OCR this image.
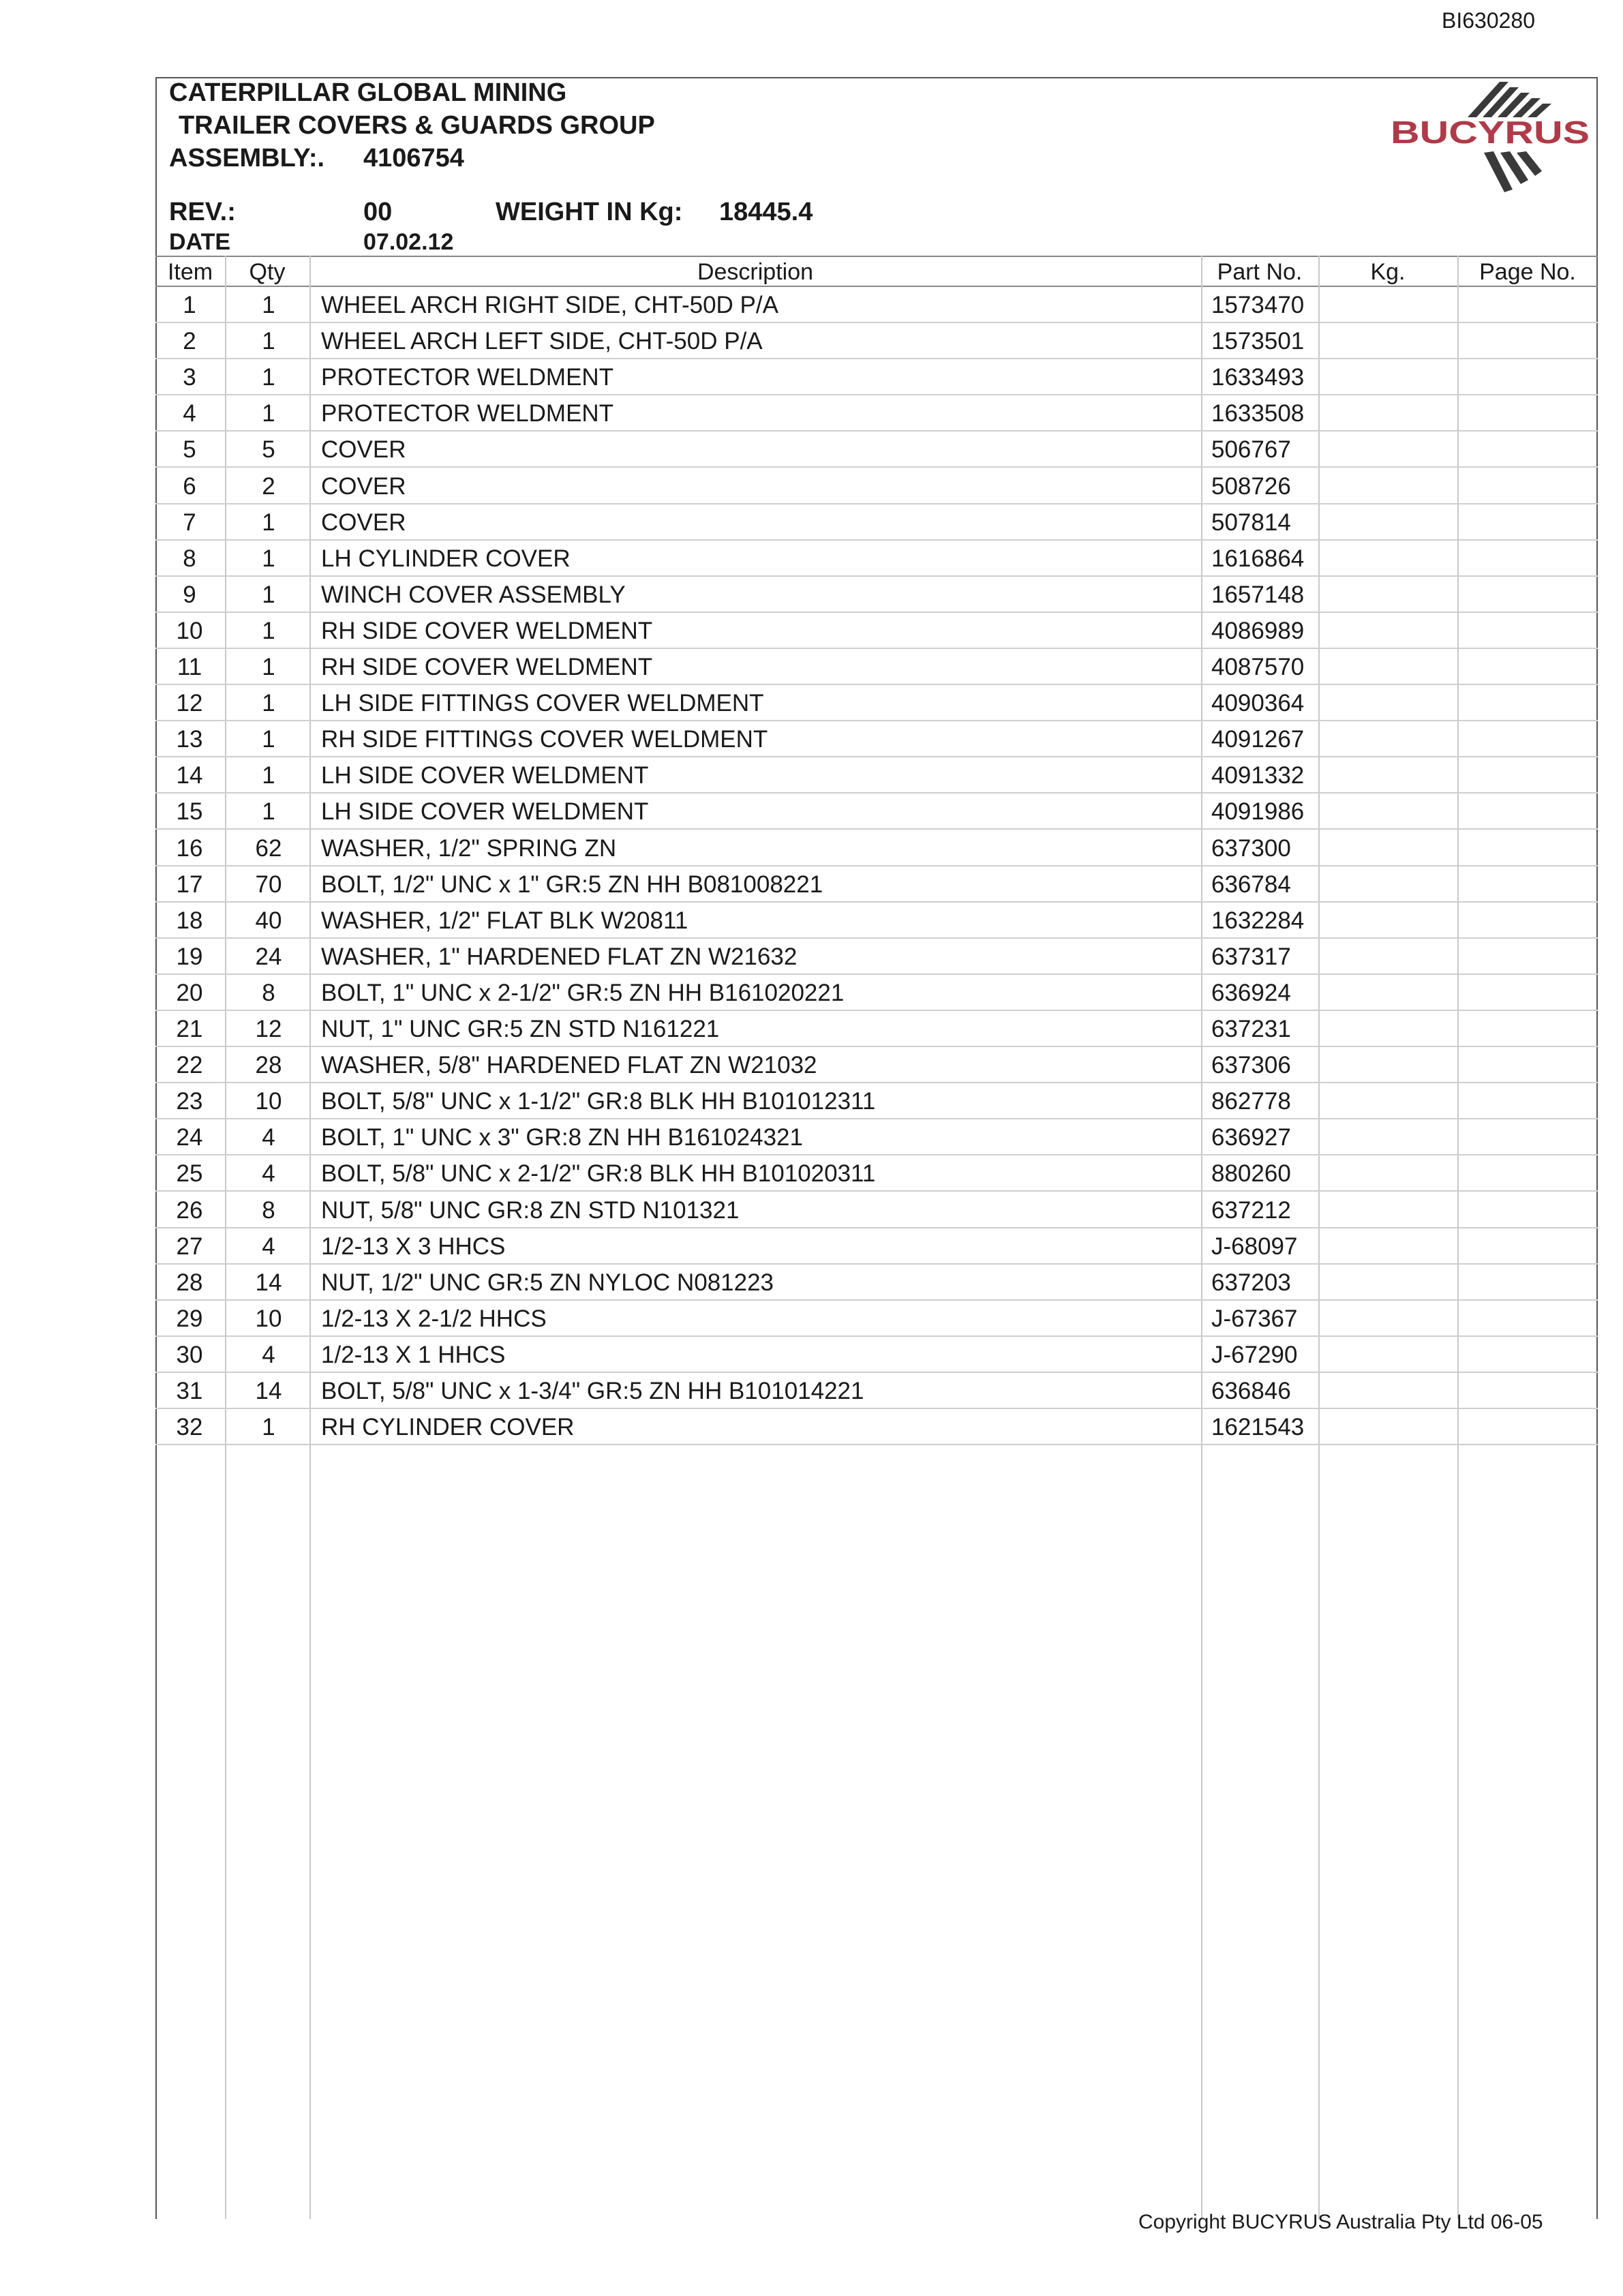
BI630280
CATERPILLAR GLOBAL MINING
TRAILER COVERS & GUARDS GROUP
ASSEMBLY:. 4106754
REV.:	00	WEIGHT IN Kg: 18445.4
DATE	07.02.12
BUCYRUS
Item	Qty	Description	Part No.	Kg.	Page No.
1	1	WHEEL ARCH RIGHT SIDE, CHT-50D P/A	1573470
2	1	WHEEL ARCH LEFT SIDE, CHT-50D P/A	1573501
3	1	PROTECTOR WELDMENT	1633493
4	1	PROTECTOR WELDMENT	1633508
5	5	COVER	506767
6	2	COVER	508726
7	1	COVER	507814
8	1	LH CYLINDER COVER	1616864
9	1	WINCH COVER ASSEMBLY	1657148
10	1	RH SIDE COVER WELDMENT	4086989
11	1	RH SIDE COVER WELDMENT	4087570
12	1	LH SIDE FITTINGS COVER WELDMENT	4090364
13	1	RH SIDE FITTINGS COVER WELDMENT	4091267
14	1	LH SIDE COVER WELDMENT	4091332
15	1	LH SIDE COVER WELDMENT	4091986
16	62	WASHER, 1/2" SPRING ZN	637300
17	70	BOLT, 1/2" UNC x 1" GR:5 ZN HH B081008221	636784
18	40	WASHER, 1/2" FLAT BLK W20811	1632284
19	24	WASHER, 1" HARDENED FLAT ZN W21632	637317
20	8	BOLT, 1" UNC x 2-1/2" GR:5 ZN HH B161020221	636924
21	12	NUT, 1" UNC GR:5 ZN STD N161221	637231
22	28	WASHER, 5/8" HARDENED FLAT ZN W21032	637306
23	10	BOLT, 5/8" UNC x 1-1/2" GR:8 BLK HH B101012311	862778
24	4	BOLT, 1" UNC x 3" GR:8 ZN HH B161024321	636927
25	4	BOLT, 5/8" UNC x 2-1/2" GR:8 BLK HH B101020311	880260
26	8	NUT, 5/8" UNC GR:8 ZN STD N101321	637212
27	4	1/2-13 X 3 HHCS	J-68097
28	14	NUT, 1/2" UNC GR:5 ZN NYLOC N081223	637203
29	10	1/2-13 X 2-1/2 HHCS	J-67367
30	4	1/2-13 X 1 HHCS	J-67290
31	14	BOLT, 5/8" UNC x 1-3/4" GR:5 ZN HH B101014221	636846
32	1	RH CYLINDER COVER	1621543
Copyright BUCYRUS Australia Pty Ltd 06-05
